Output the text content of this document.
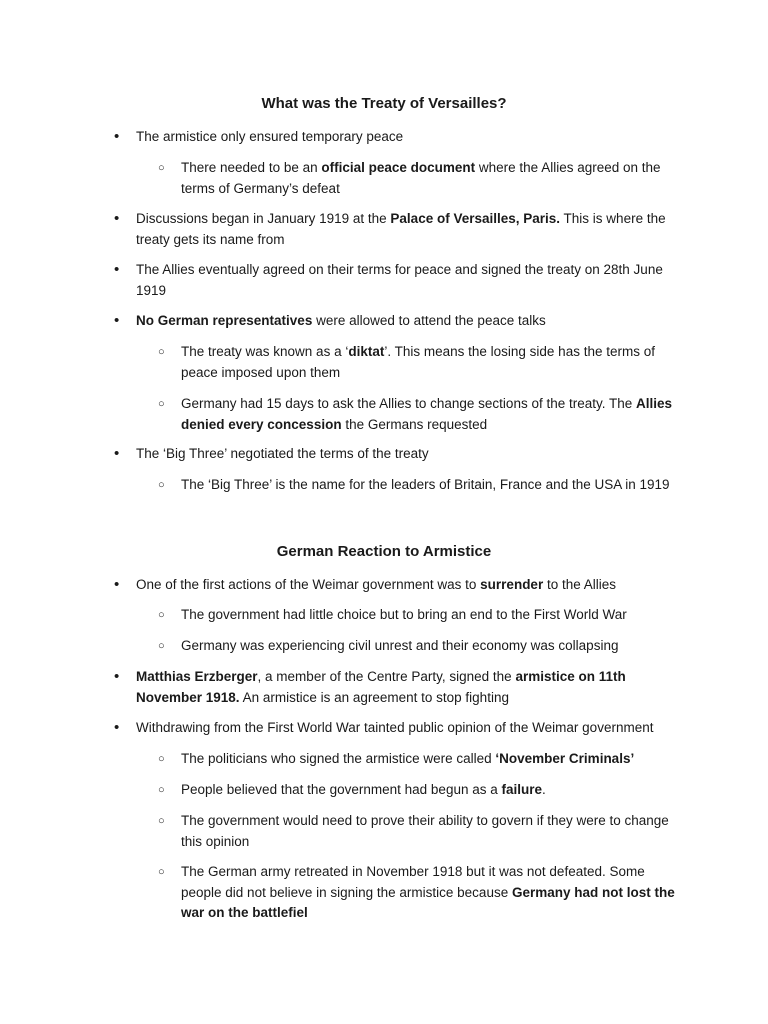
What was the Treaty of Versailles?
• The armistice only ensured temporary peace
○ There needed to be an official peace document where the Allies agreed on the terms of Germany’s defeat
• Discussions began in January 1919 at the Palace of Versailles, Paris. This is where the treaty gets its name from
• The Allies eventually agreed on their terms for peace and signed the treaty on 28th June 1919
• No German representatives were allowed to attend the peace talks
○ The treaty was known as a ‘diktat’. This means the losing side has the terms of peace imposed upon them
○ Germany had 15 days to ask the Allies to change sections of the treaty. The Allies denied every concession the Germans requested
• The ‘Big Three’ negotiated the terms of the treaty
○ The ‘Big Three’ is the name for the leaders of Britain, France and the USA in 1919
German Reaction to Armistice
• One of the first actions of the Weimar government was to surrender to the Allies
○ The government had little choice but to bring an end to the First World War
○ Germany was experiencing civil unrest and their economy was collapsing
• Matthias Erzberger, a member of the Centre Party, signed the armistice on 11th November 1918. An armistice is an agreement to stop fighting
• Withdrawing from the First World War tainted public opinion of the Weimar government
○ The politicians who signed the armistice were called ‘November Criminals’
○ People believed that the government had begun as a failure.
○ The government would need to prove their ability to govern if they were to change this opinion
○ The German army retreated in November 1918 but it was not defeated. Some people did not believe in signing the armistice because Germany had not lost the war on the battlefiel
